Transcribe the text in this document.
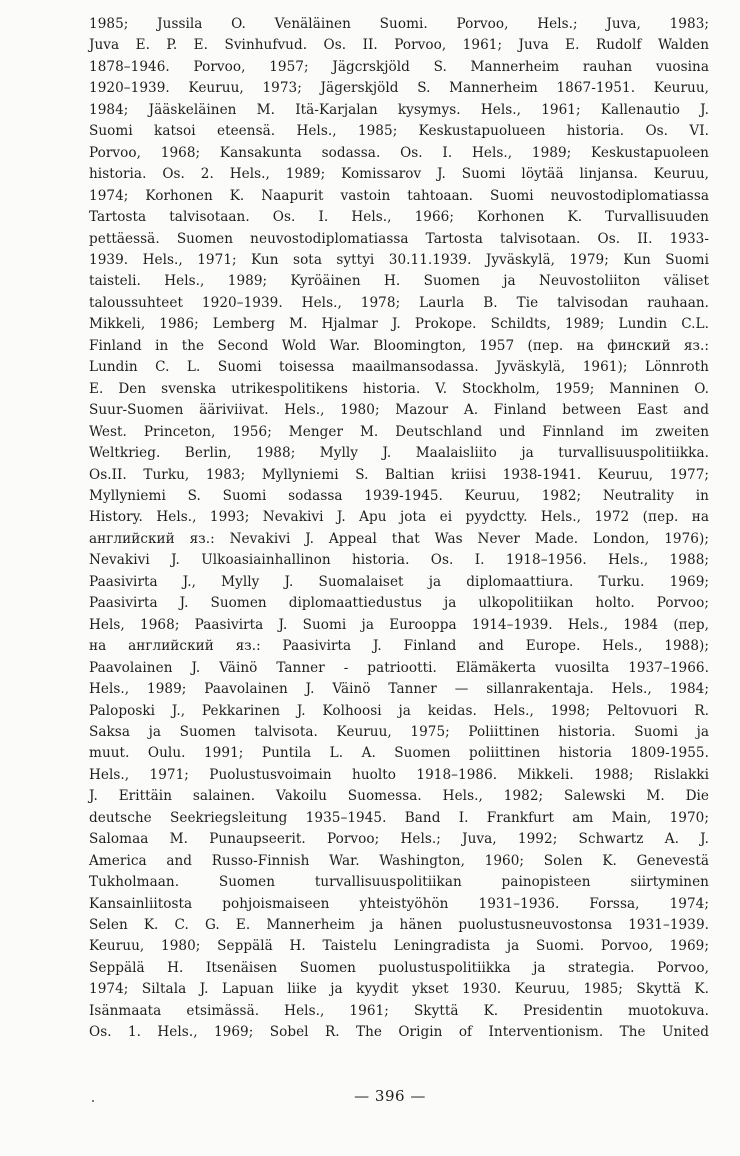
1985; Jussila O. Venäläinen Suomi. Porvoo, Hels.; Juva, 1983;
Juva E. P. E. Svinhufvud. Os. II. Porvoo, 1961; Juva E. Rudolf Walden
1878–1946. Porvoo, 1957; Jägcrskjöld S. Mannerheim rauhan vuosina
1920–1939. Keuruu, 1973; Jägerskjöld S. Mannerheim 1867-1951. Keuruu,
1984; Jääskeläinen M. Itä-Karjalan kysymys. Hels., 1961; Kallenautio J.
Suomi katsoi eteensä. Hels., 1985; Keskustapuolueen historia. Os. VI.
Porvoo, 1968; Kansakunta sodassa. Os. I. Hels., 1989; Keskustapuoleen
historia. Os. 2. Hels., 1989; Komissarov J. Suomi löytää linjansa. Keuruu,
1974; Korhonen K. Naapurit vastoin tahtoaan. Suomi neuvostodiplomatiassa
Tartosta talvisotaan. Os. I. Hels., 1966; Korhonen K. Turvallisuuden
pettäessä. Suomen neuvostodiplomatiassa Tartosta talvisotaan. Os. II. 1933-
1939. Hels., 1971; Kun sota syttyi 30.11.1939. Jyväskylä, 1979; Kun Suomi
taisteli. Hels., 1989; Kyröäinen H. Suomen ja Neuvostoliiton väliset
taloussuhteet 1920–1939. Hels., 1978; Laurla B. Tie talvisodan rauhaan.
Mikkeli, 1986; Lemberg M. Hjalmar J. Prokope. Schildts, 1989; Lundin C.L.
Finland in the Second Wold War. Bloomington, 1957 (пер. на финский яз.:
Lundin C. L. Suomi toisessa maailmansodassa. Jyväskylä, 1961); Lönnroth
E. Den svenska utrikespolitikens historia. V. Stockholm, 1959; Manninen O.
Suur-Suomen ääriviivat. Hels., 1980; Mazour A. Finland between East and
West. Princeton, 1956; Menger M. Deutschland und Finnland im zweiten
Weltkrieg. Berlin, 1988; Mylly J. Maalaisliito ja turvallisuuspolitiikka.
Os.II. Turku, 1983; Myllyniemi S. Baltian kriisi 1938-1941. Keuruu, 1977;
Myllyniemi S. Suomi sodassa 1939-1945. Keuruu, 1982; Neutrality in
History. Hels., 1993; Nevakivi J. Apu jota ei pyydctty. Hels., 1972 (пер. на
английский яз.: Nevakivi J. Appeal that Was Never Made. London, 1976);
Nevakivi J. Ulkoasiainhallinon historia. Os. I. 1918–1956. Hels., 1988;
Paasivirta J., Mylly J. Suomalaiset ja diplomaattiura. Turku. 1969;
Paasivirta J. Suomen diplomaattiedustus ja ulkopolitiikan holto. Porvoo;
Hels, 1968; Paasivirta J. Suomi ja Eurooppa 1914–1939. Hels., 1984 (пер,
на английский яз.: Paasivirta J. Finland and Europe. Hels., 1988);
Paavolainen J. Väinö Tanner - patriootti. Elämäkerta vuosilta 1937–1966.
Hels., 1989; Paavolainen J. Väinö Tanner — sillanrakentaja. Hels., 1984;
Paloposki J., Pekkarinen J. Kolhoosi ja keidas. Hels., 1998; Peltovuori R.
Saksa ja Suomen talvisota. Keuruu, 1975; Poliittinen historia. Suomi ja
muut. Oulu. 1991; Puntila L. A. Suomen poliittinen historia 1809-1955.
Hels., 1971; Puolustusvoimain huolto 1918–1986. Mikkeli. 1988; Rislakki
J. Erittäin salainen. Vakoilu Suomessa. Hels., 1982; Salewski M. Die
deutsche Seekriegsleitung 1935–1945. Band I. Frankfurt am Main, 1970;
Salomaa M. Punaupseerit. Porvoo; Hels.; Juva, 1992; Schwartz A. J.
America and Russo-Finnish War. Washington, 1960; Solen K. Genevestä
Tukholmaan. Suomen turvallisuuspolitiikan painopisteen siirtyminen
Kansainliitosta pohjoismaiseen yhteistyöhön 1931–1936. Forssa, 1974;
Selen K. C. G. E. Mannerheim ja hänen puolustusneuvostonsa 1931–1939.
Keuruu, 1980; Seppälä H. Taistelu Leningradista ja Suomi. Porvoo, 1969;
Seppälä H. Itsenäisen Suomen puolustuspolitiikka ja strategia. Porvoo,
1974; Siltala J. Lapuan liike ja kyydit ykset 1930. Keuruu, 1985; Skyttä K.
Isänmaata etsimässä. Hels., 1961; Skyttä K. Presidentin muotokuva.
Os. 1. Hels., 1969; Sobel R. The Origin of Interventionism. The United
— 396 —
